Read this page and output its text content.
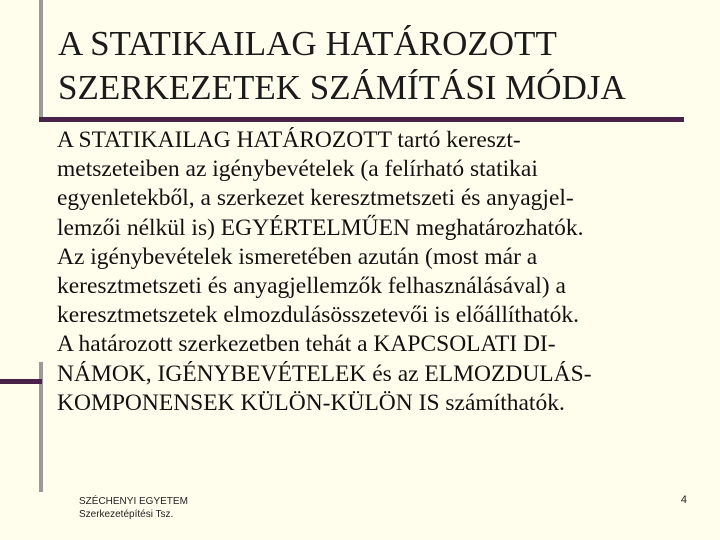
A STATIKAILAG HATÁROZOTT
SZERKEZETEK SZÁMÍTÁSI MÓDJA
A STATIKAILAG HATÁROZOTT tartó kereszt-
metszeteiben az igénybevételek (a felírható statikai
egyenletekből, a szerkezet keresztmetszeti és anyagjel-
lemzői nélkül is) EGYÉRTELMŰEN meghatározhatók.
Az igénybevételek ismeretében azután (most már a
keresztmetszeti és anyagjellemzők felhasználásával) a
keresztmetszetek elmozdulásösszetevői is előállíthatók.
A határozott szerkezetben tehát a KAPCSOLATI DI-
NÁMOK, IGÉNYBEVÉTELEK és az ELMOZDULÁS-
KOMPONENSEK KÜLÖN-KÜLÖN IS számíthatók.
SZÉCHENYI EGYETEM
Szerkezetépítési Tsz.
4
